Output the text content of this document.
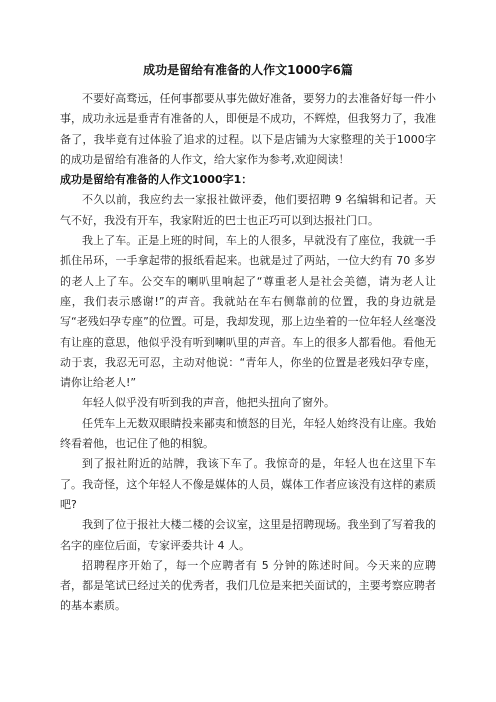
成功是留给有准备的人作文1000字6篇

不要好高骛远，任何事都要从事先做好准备，要努力的去准备好每一件小事，成功永远是垂青有准备的人，即便是不成功，不辉煌，但我努力了，我准备了，我毕竟有过体验了追求的过程。以下是店铺为大家整理的关于1000字的成功是留给有准备的人作文，给大家作为参考,欢迎阅读！

成功是留给有准备的人作文1000字1：

不久以前，我应约去一家报社做评委，他们要招聘 9 名编辑和记者。天气不好，我没有开车，我家附近的巴士也正巧可以到达报社门口。

我上了车。正是上班的时间，车上的人很多，早就没有了座位，我就一手抓住吊环，一手拿起带的报纸看起来。也就是过了两站，一位大约有 70 多岁的老人上了车。公交车的喇叭里响起了“尊重老人是社会美德，请为老人让座，我们表示感谢!”的声音。我就站在车右侧靠前的位置，我的身边就是写“老残妇孕专座”的位置。可是，我却发现，那上边坐着的一位年轻人丝毫没有让座的意思，他似乎没有听到喇叭里的声音。车上的很多人都看他。看他无动于衷，我忍无可忍，主动对他说：“青年人，你坐的位置是老残妇孕专座，请你让给老人!”

年轻人似乎没有听到我的声音，他把头扭向了窗外。

任凭车上无数双眼睛投来鄙夷和愤怒的目光，年轻人始终没有让座。我始终看着他，也记住了他的相貌。

到了报社附近的站牌，我该下车了。我惊奇的是，年轻人也在这里下车了。我奇怪，这个年轻人不像是媒体的人员，媒体工作者应该没有这样的素质吧?

我到了位于报社大楼二楼的会议室，这里是招聘现场。我坐到了写着我的名字的座位后面，专家评委共计 4 人。

招聘程序开始了，每一个应聘者有 5 分钟的陈述时间。今天来的应聘者，都是笔试已经过关的优秀者，我们几位是来把关面试的，主要考察应聘者的基本素质。
